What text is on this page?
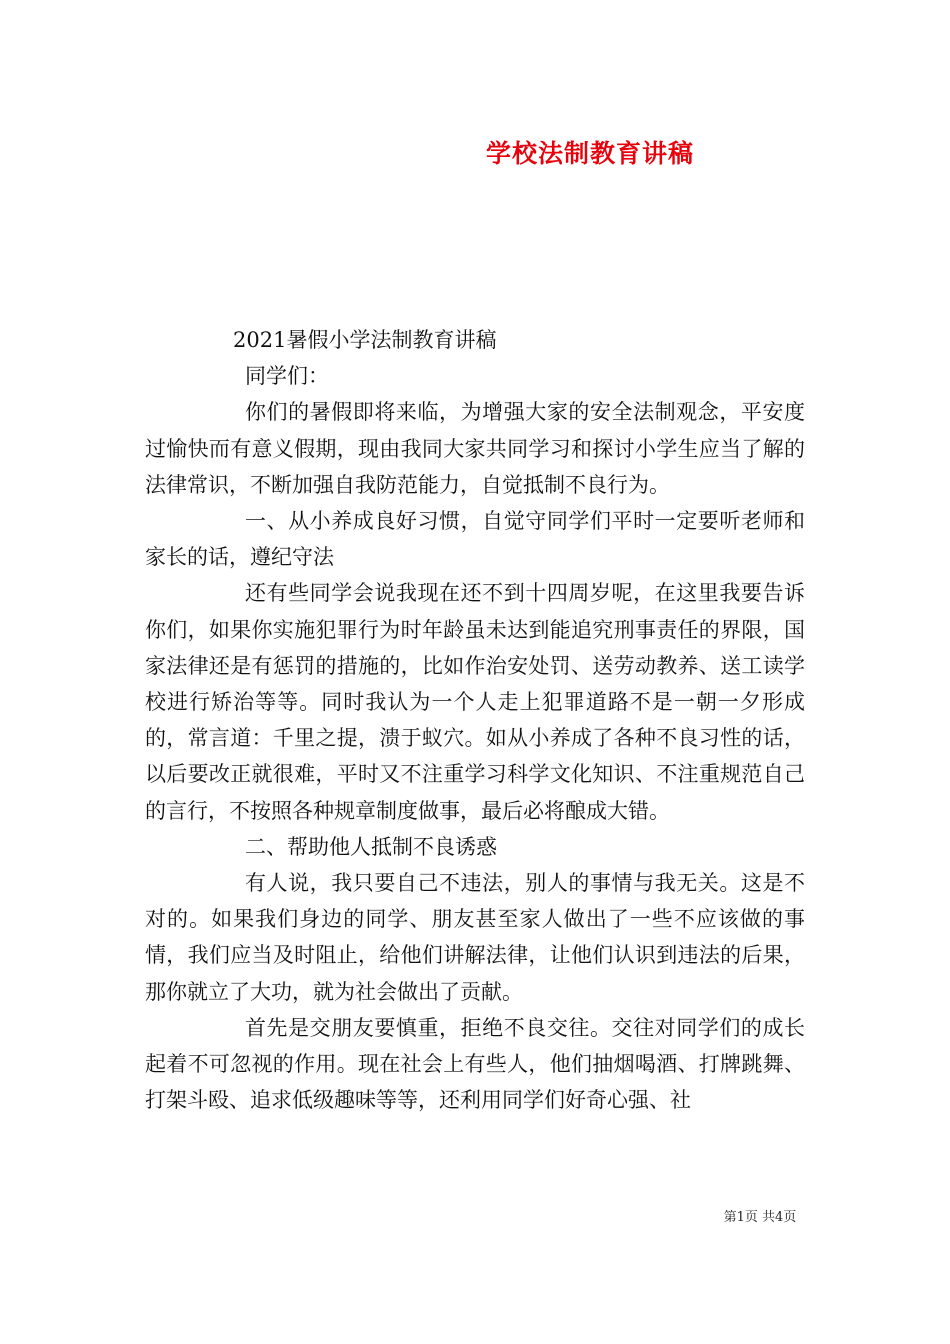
学校法制教育讲稿

2021暑假小学法制教育讲稿

同学们：

你们的暑假即将来临，为增强大家的安全法制观念，平安度过愉快而有意义假期，现由我同大家共同学习和探讨小学生应当了解的法律常识，不断加强自我防范能力，自觉抵制不良行为。

一、从小养成良好习惯，自觉守同学们平时一定要听老师和家长的话，遵纪守法

还有些同学会说我现在还不到十四周岁呢，在这里我要告诉你们，如果你实施犯罪行为时年龄虽未达到能追究刑事责任的界限，国家法律还是有惩罚的措施的，比如作治安处罚、送劳动教养、送工读学校进行矫治等等。同时我认为一个人走上犯罪道路不是一朝一夕形成的，常言道：千里之提，溃于蚁穴。如从小养成了各种不良习性的话，以后要改正就很难，平时又不注重学习科学文化知识、不注重规范自己的言行，不按照各种规章制度做事，最后必将酿成大错。

二、帮助他人抵制不良诱惑

有人说，我只要自己不违法，别人的事情与我无关。这是不对的。如果我们身边的同学、朋友甚至家人做出了一些不应该做的事情，我们应当及时阻止，给他们讲解法律，让他们认识到违法的后果，那你就立了大功，就为社会做出了贡献。

首先是交朋友要慎重，拒绝不良交往。交往对同学们的成长起着不可忽视的作用。现在社会上有些人，他们抽烟喝酒、打牌跳舞、打架斗殴、追求低级趣味等等，还利用同学们好奇心强、社

第1页 共4页
